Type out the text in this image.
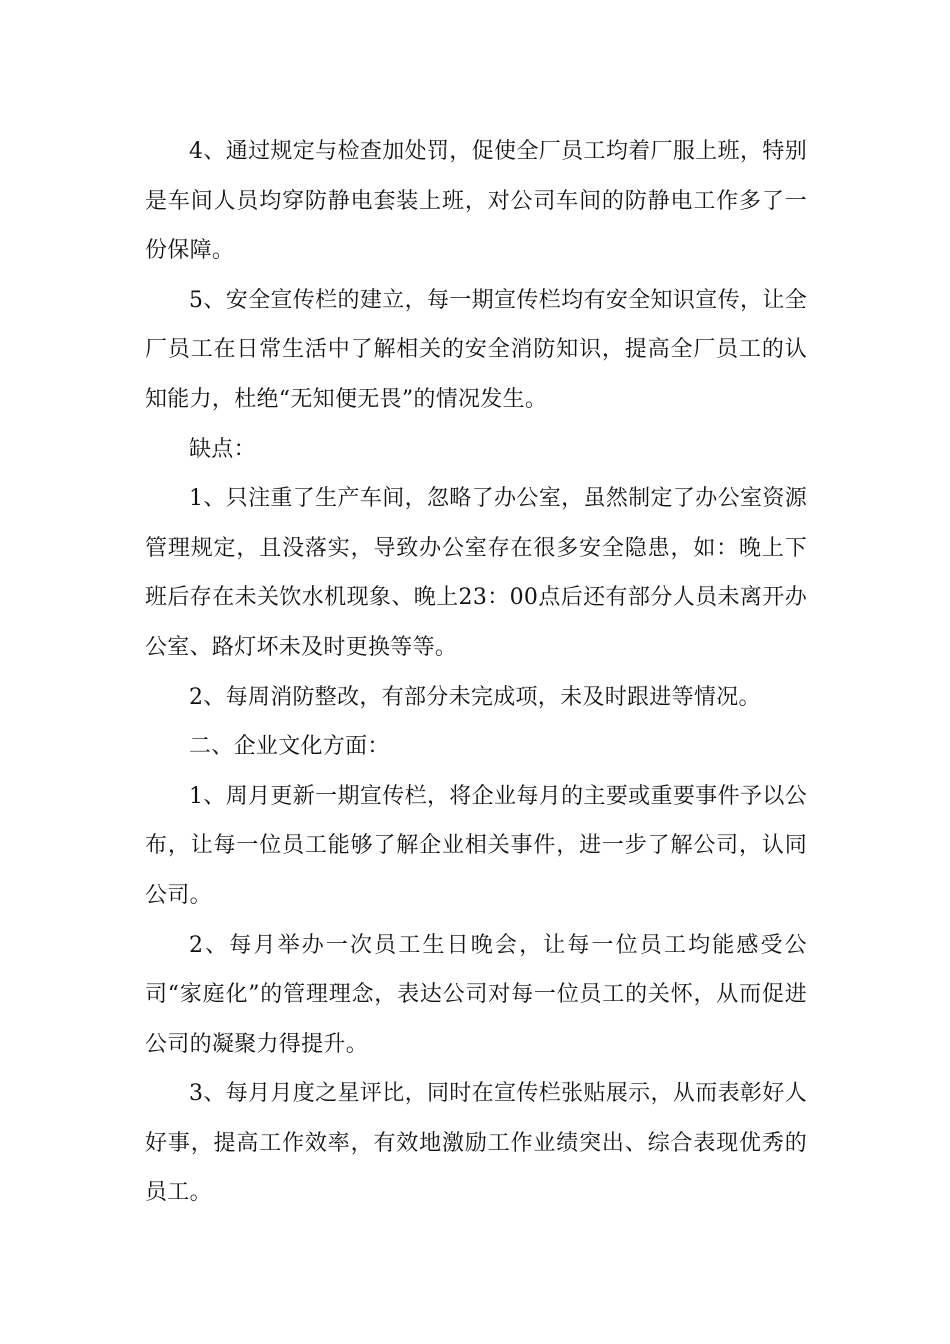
4、通过规定与检查加处罚，促使全厂员工均着厂服上班，特别是车间人员均穿防静电套装上班，对公司车间的防静电工作多了一份保障。

5、安全宣传栏的建立，每一期宣传栏均有安全知识宣传，让全厂员工在日常生活中了解相关的安全消防知识，提高全厂员工的认知能力，杜绝“无知便无畏”的情况发生。

缺点：

1、只注重了生产车间，忽略了办公室，虽然制定了办公室资源管理规定，且没落实，导致办公室存在很多安全隐患，如：晚上下班后存在未关饮水机现象、晚上23：00点后还有部分人员未离开办公室、路灯坏未及时更换等等。

2、每周消防整改，有部分未完成项，未及时跟进等情况。

二、企业文化方面：

1、周月更新一期宣传栏，将企业每月的主要或重要事件予以公布，让每一位员工能够了解企业相关事件，进一步了解公司，认同公司。

2、每月举办一次员工生日晚会，让每一位员工均能感受公司“家庭化”的管理理念，表达公司对每一位员工的关怀，从而促进公司的凝聚力得提升。

3、每月月度之星评比，同时在宣传栏张贴展示，从而表彰好人好事，提高工作效率，有效地激励工作业绩突出、综合表现优秀的员工。
